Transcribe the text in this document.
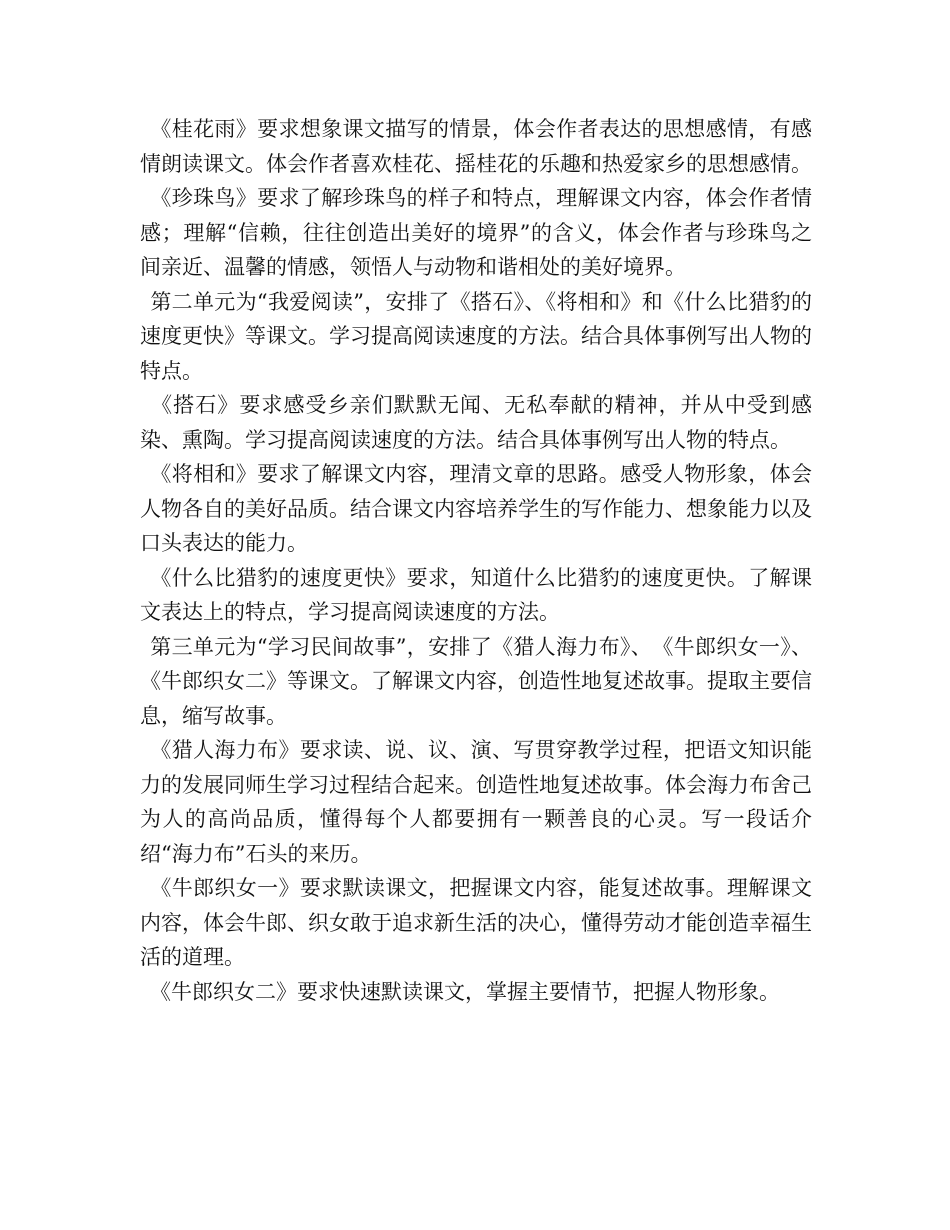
《桂花雨》要求想象课文描写的情景，体会作者表达的思想感情，有感情朗读课文。体会作者喜欢桂花、摇桂花的乐趣和热爱家乡的思想感情。

《珍珠鸟》要求了解珍珠鸟的样子和特点，理解课文内容，体会作者情感；理解“信赖，往往创造出美好的境界”的含义，体会作者与珍珠鸟之间亲近、温馨的情感，领悟人与动物和谐相处的美好境界。

第二单元为“我爱阅读”，安排了《搭石》、《将相和》和《什么比猎豹的速度更快》等课文。学习提高阅读速度的方法。结合具体事例写出人物的特点。

《搭石》要求感受乡亲们默默无闻、无私奉献的精神，并从中受到感染、熏陶。学习提高阅读速度的方法。结合具体事例写出人物的特点。

《将相和》要求了解课文内容，理清文章的思路。感受人物形象，体会人物各自的美好品质。结合课文内容培养学生的写作能力、想象能力以及口头表达的能力。

《什么比猎豹的速度更快》要求，知道什么比猎豹的速度更快。了解课文表达上的特点，学习提高阅读速度的方法。

第三单元为“学习民间故事”，安排了《猎人海力布》、　《牛郎织女一》、《牛郎织女二》等课文。了解课文内容，创造性地复述故事。提取主要信息，缩写故事。

《猎人海力布》要求读、说、议、演、写贯穿教学过程，把语文知识能力的发展同师生学习过程结合起来。创造性地复述故事。体会海力布舍己为人的高尚品质，懂得每个人都要拥有一颗善良的心灵。写一段话介绍“海力布”石头的来历。

《牛郎织女一》要求默读课文，把握课文内容，能复述故事。理解课文内容，体会牛郎、织女敢于追求新生活的决心，懂得劳动才能创造幸福生活的道理。

《牛郎织女二》要求快速默读课文，掌握主要情节，把握人物形象。
